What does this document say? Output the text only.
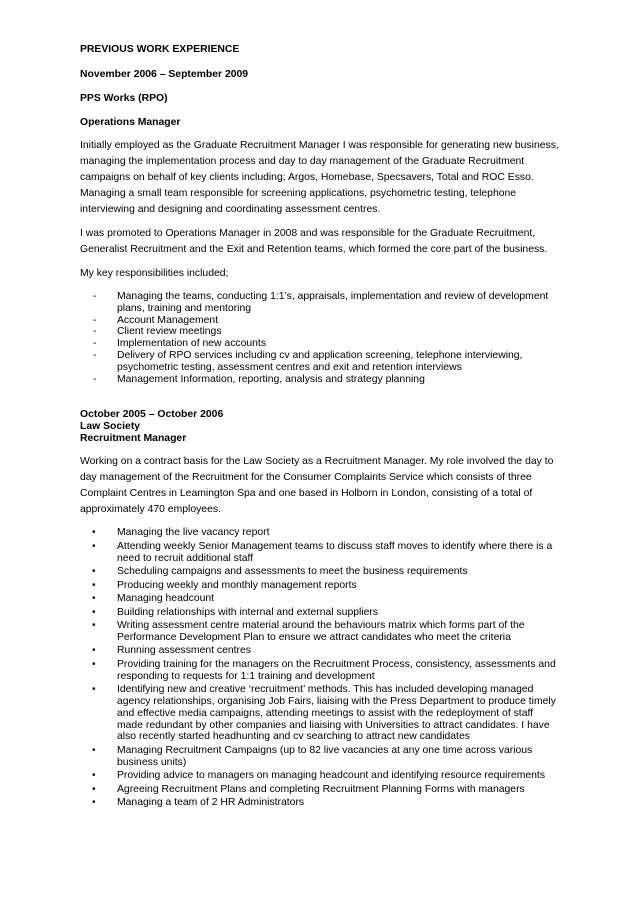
PREVIOUS WORK EXPERIENCE

November 2006 – September 2009

PPS Works (RPO)

Operations Manager

Initially employed as the Graduate Recruitment Manager I was responsible for generating new business, managing the implementation process and day to day management of the Graduate Recruitment campaigns on behalf of key clients including; Argos, Homebase, Specsavers, Total and ROC Esso. Managing a small team responsible for screening applications, psychometric testing, telephone interviewing and designing and coordinating assessment centres.

I was promoted to Operations Manager in 2008 and was responsible for the Graduate Recruitment, Generalist Recruitment and the Exit and Retention teams, which formed the core part of the business.

My key responsibilities included;

- Managing the teams, conducting 1:1’s, appraisals, implementation and review of development plans, training and mentoring
- Account Management
- Client review meetings
- Implementation of new accounts
- Delivery of RPO services including cv and application screening, telephone interviewing, psychometric testing, assessment centres and exit and retention interviews
- Management Information, reporting, analysis and strategy planning

October 2005 – October 2006

Law Society

Recruitment Manager

Working on a contract basis for the Law Society as a Recruitment Manager. My role involved the day to day management of the Recruitment for the Consumer Complaints Service which consists of three Complaint Centres in Leamington Spa and one based in Holborn in London, consisting of a total of approximately 470 employees.

• Managing the live vacancy report
• Attending weekly Senior Management teams to discuss staff moves to identify where there is a need to recruit additional staff
• Scheduling campaigns and assessments to meet the business requirements
• Producing weekly and monthly management reports
• Managing headcount
• Building relationships with internal and external suppliers
• Writing assessment centre material around the behaviours matrix which forms part of the Performance Development Plan to ensure we attract candidates who meet the criteria
• Running assessment centres
• Providing training for the managers on the Recruitment Process, consistency, assessments and responding to requests for 1:1 training and development
• Identifying new and creative ‘recruitment’ methods. This has included developing managed agency relationships, organising Job Fairs, liaising with the Press Department to produce timely and effective media campaigns, attending meetings to assist with the redeployment of staff made redundant by other companies and liaising with Universities to attract candidates. I have also recently started headhunting and cv searching to attract new candidates
• Managing Recruitment Campaigns (up to 82 live vacancies at any one time across various business units)
• Providing advice to managers on managing headcount and identifying resource requirements
• Agreeing Recruitment Plans and completing Recruitment Planning Forms with managers
• Managing a team of 2 HR Administrators
